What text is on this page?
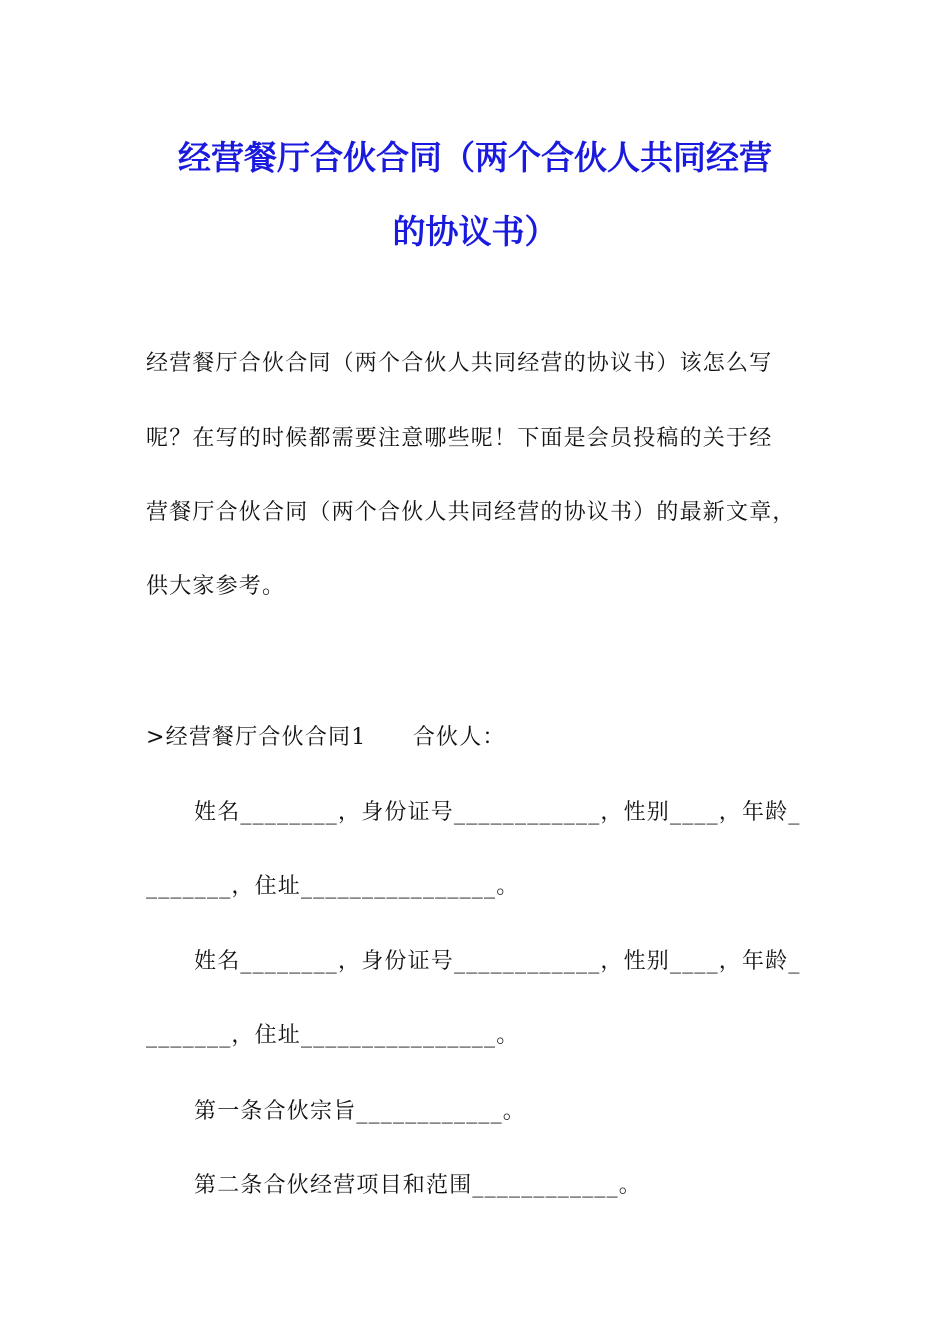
经营餐厅合伙合同（两个合伙人共同经营
的协议书）
经营餐厅合伙合同（两个合伙人共同经营的协议书）该怎么写
呢？在写的时候都需要注意哪些呢！下面是会员投稿的关于经
营餐厅合伙合同（两个合伙人共同经营的协议书）的最新文章，
供大家参考。
>经营餐厅合伙合同1　　合伙人：
姓名________，身份证号____________，性别____，年龄_
_______，住址________________。
姓名________，身份证号____________，性别____，年龄_
_______，住址________________。
第一条合伙宗旨____________。
第二条合伙经营项目和范围____________。
